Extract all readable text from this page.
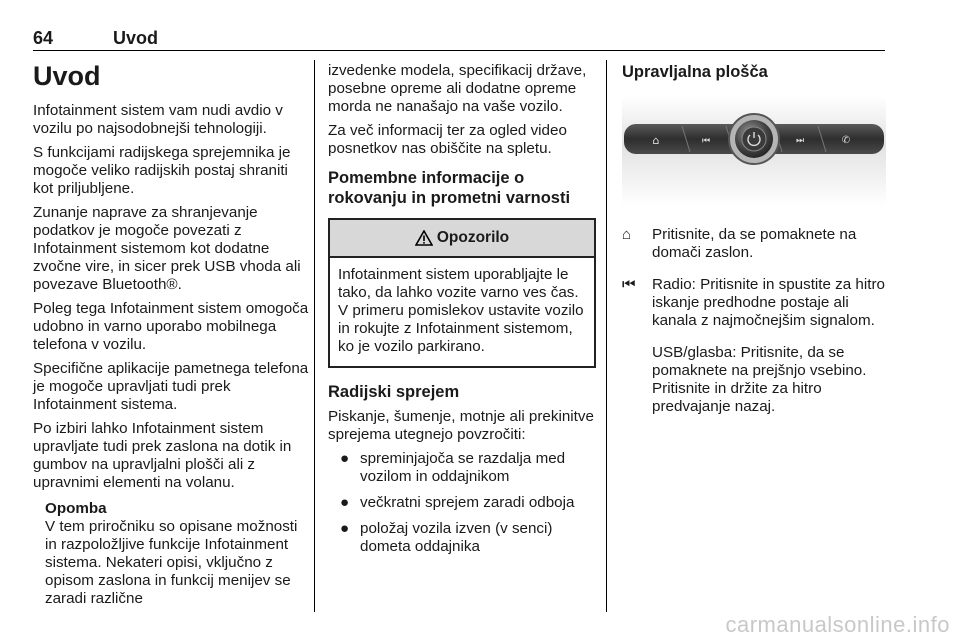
64	Uvod
Uvod

Infotainment sistem vam nudi avdio v vozilu po najsodobnejši tehnologiji.

S funkcijami radijskega sprejemnika je mogoče veliko radijskih postaj shraniti kot priljubljene.

Zunanje naprave za shranjevanje podatkov je mogoče povezati z Infotainment sistemom kot dodatne zvočne vire, in sicer prek USB vhoda ali povezave Bluetooth®.

Poleg tega Infotainment sistem omogoča udobno in varno uporabo mobilnega telefona v vozilu.

Specifične aplikacije pametnega telefona je mogoče upravljati tudi prek Infotainment sistema.

Po izbiri lahko Infotainment sistem upravljate tudi prek zaslona na dotik in gumbov na upravljalni plošči ali z upravnimi elementi na volanu.

Opomba
V tem priročniku so opisane možnosti in razpoložljive funkcije Infotainment sistema. Nekateri opisi, vključno z opisom zaslona in funkcij menijev se zaradi različne

izvedenke modela, specifikacij države, posebne opreme ali dodatne opreme morda ne nanašajo na vaše vozilo.

Za več informacij ter za ogled video posnetkov nas obiščite na spletu.

Pomembne informacije o rokovanju in prometni varnosti
Opozorilo
Infotainment sistem uporabljajte le tako, da lahko vozite varno ves čas. V primeru pomislekov ustavite vozilo in rokujte z Infotainment sistemom, ko je vozilo parkirano.
Radijski sprejem

Piskanje, šumenje, motnje ali prekinitve sprejema utegnejo povzročiti:

● spreminjajoča se razdalja med vozilom in oddajnikom
● večkratni sprejem zaradi odboja
● položaj vozila izven (v senci) dometa oddajnika
Upravljalna plošča
⌂	⏮	⏭	✆
⌂	Pritisnite, da se pomaknete na domači zaslon.
⏮	Radio: Pritisnite in spustite za hitro iskanje predhodne postaje ali kanala z najmočnejšim signalom.
USB/glasba: Pritisnite, da se pomaknete na prejšnjo vsebino. Pritisnite in držite za hitro predvajanje nazaj.
carmanualsonline.info
